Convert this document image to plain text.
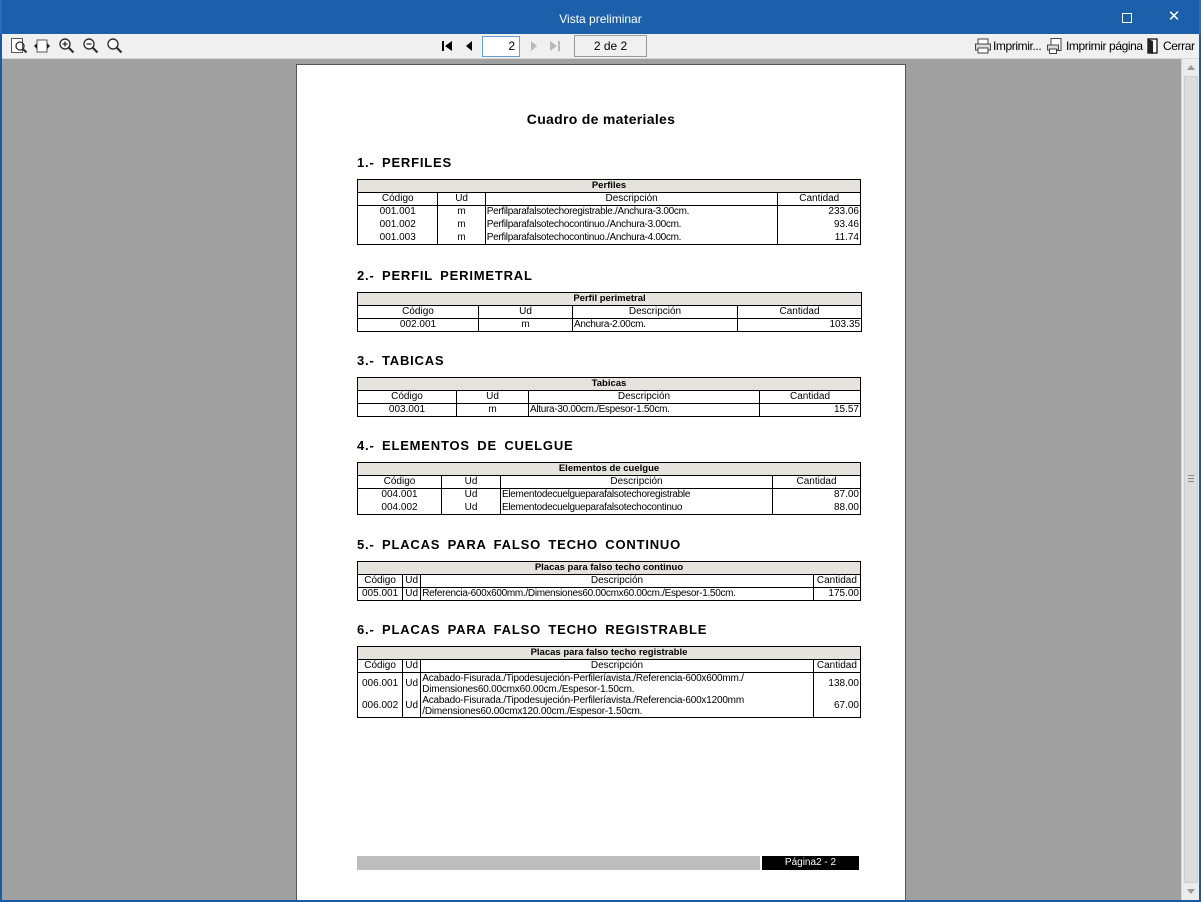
Vista preliminar	✕
2	2 de 2	Imprimir... Imprimir página Cerrar
Cuadro de materiales
1.- PERFILES
Perfiles			
Código	Ud	Descripción	Cantidad
001.001	m	Perfilparafalsotechoregistrable./Anchura-3.00cm.	233.06
001.002	m	Perfilparafalsotechocontinuo./Anchura-3.00cm.	93.46
001.003	m	Perfilparafalsotechocontinuo./Anchura-4.00cm.	11.74
2.- PERFIL PERIMETRAL
Perfil perimetral			
Código	Ud	Descripción	Cantidad
002.001	m	Anchura-2.00cm.	103.35
3.- TABICAS
Tabicas			
Código	Ud	Descripción	Cantidad
003.001	m	Altura-30.00cm./Espesor-1.50cm.	15.57
4.- ELEMENTOS DE CUELGUE
Elementos de cuelgue			
Código	Ud	Descripción	Cantidad
004.001	Ud	Elementodecuelgueparafalsotechoregistrable	87.00
004.002	Ud	Elementodecuelgueparafalsotechocontinuo	88.00
5.- PLACAS PARA FALSO TECHO CONTINUO
Placas para falso techo continuo			
Código	Ud	Descripción	Cantidad
005.001	Ud	Referencia-600x600mm./Dimensiones60.00cmx60.00cm./Espesor-1.50cm.	175.00
6.- PLACAS PARA FALSO TECHO REGISTRABLE
Placas para falso techo registrable			
Código	Ud	Descripción	Cantidad
006.001	Ud	Acabado-Fisurada./Tipodesujeción-Perfileríavista./Referencia-600x600mm./ Dimensiones60.00cmx60.00cm./Espesor-1.50cm.	138.00
006.002	Ud	Acabado-Fisurada./Tipodesujeción-Perfileríavista./Referencia-600x1200mm /Dimensiones60.00cmx120.00cm./Espesor-1.50cm.	67.00
Página2 - 2
